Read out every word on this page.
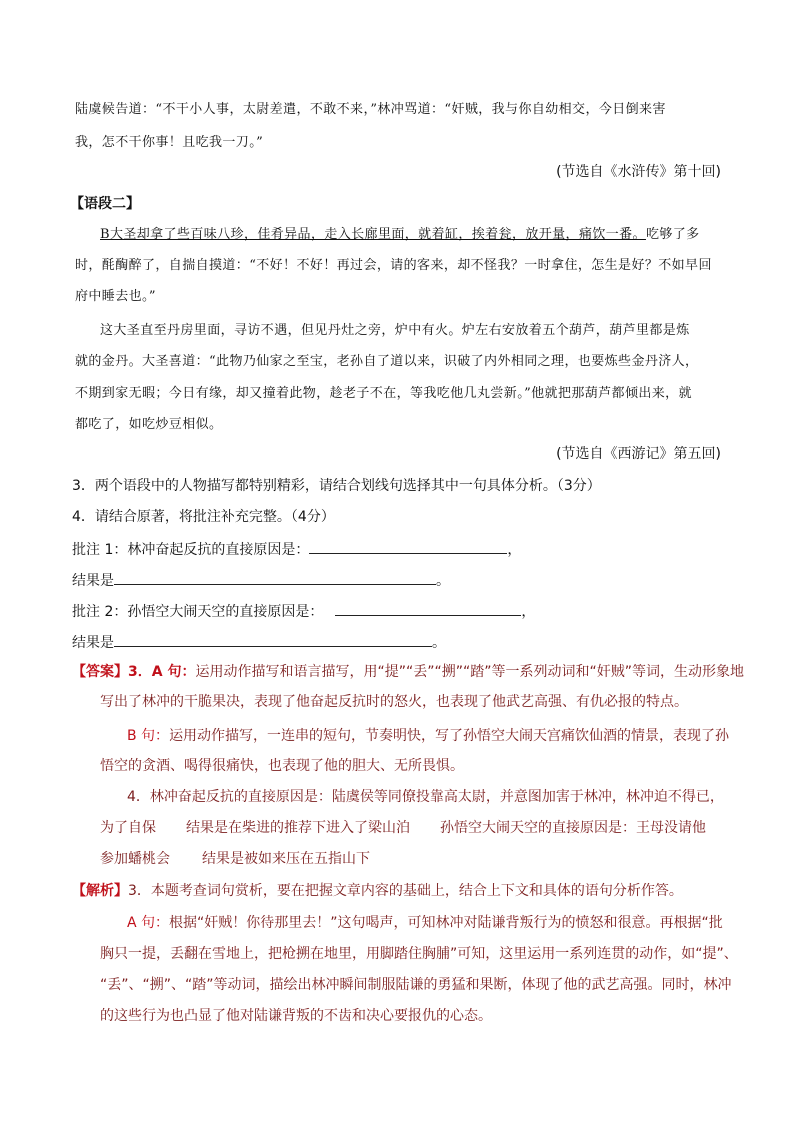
陆虞候告道：“不干小人事，太尉差遣，不敢不来，”林冲骂道：“奸贼，我与你自幼相交，今日倒来害
我，怎不干你事！且吃我一刀。”
(节选自《水浒传》第十回)
【语段二】
B大圣却拿了些百味八珍，佳肴异品，走入长廊里面，就着缸，挨着瓮，放开量，痛饮一番。吃够了多
时，酕醄醉了，自揣自摸道：“不好！不好！再过会，请的客来，却不怪我？一时拿住，怎生是好？不如早回
府中睡去也。”
这大圣直至丹房里面，寻访不遇，但见丹灶之旁，炉中有火。炉左右安放着五个葫芦，葫芦里都是炼
就的金丹。大圣喜道：“此物乃仙家之至宝，老孙自了道以来，识破了内外相同之理，也要炼些金丹济人，
不期到家无暇；今日有缘，却又撞着此物，趁老子不在，等我吃他几丸尝新。”他就把那葫芦都倾出来，就
都吃了，如吃炒豆相似。
(节选自《西游记》第五回)
3．两个语段中的人物描写都特别精彩，请结合划线句选择其中一句具体分析。（3分）
4．请结合原著，将批注补充完整。（4分）
批注 1：林冲奋起反抗的直接原因是：	，
结果是	。
批注 2：孙悟空大闹天空的直接原因是：	，
结果是	。
【答案】3．A 句：运用动作描写和语言描写，用“提”“丢”“搠”“踏”等一系列动词和“奸贼”等词，生动形象地
写出了林冲的干脆果决，表现了他奋起反抗时的怒火，也表现了他武艺高强、有仇必报的特点。
B 句：运用动作描写，一连串的短句，节奏明快，写了孙悟空大闹天宫痛饮仙酒的情景，表现了孙
悟空的贪酒、喝得很痛快，也表现了他的胆大、无所畏惧。
4．林冲奋起反抗的直接原因是：陆虞侯等同僚投靠高太尉，并意图加害于林冲，林冲迫不得已，
为了自保 结果是在柴进的推荐下进入了梁山泊 孙悟空大闹天空的直接原因是：王母没请他
参加蟠桃会 结果是被如来压在五指山下
【解析】3．本题考查词句赏析，要在把握文章内容的基础上，结合上下文和具体的语句分析作答。
A 句：根据“奸贼！你待那里去！”这句喝声，可知林冲对陆谦背叛行为的愤怒和很意。再根据“批
胸只一提，丢翻在雪地上，把枪搠在地里，用脚踏住胸脯”可知，这里运用一系列连贯的动作，如“提”、
“丢”、“搠”、“踏”等动词，描绘出林冲瞬间制服陆谦的勇猛和果断，体现了他的武艺高强。同时，林冲
的这些行为也凸显了他对陆谦背叛的不齿和决心要报仇的心态。
